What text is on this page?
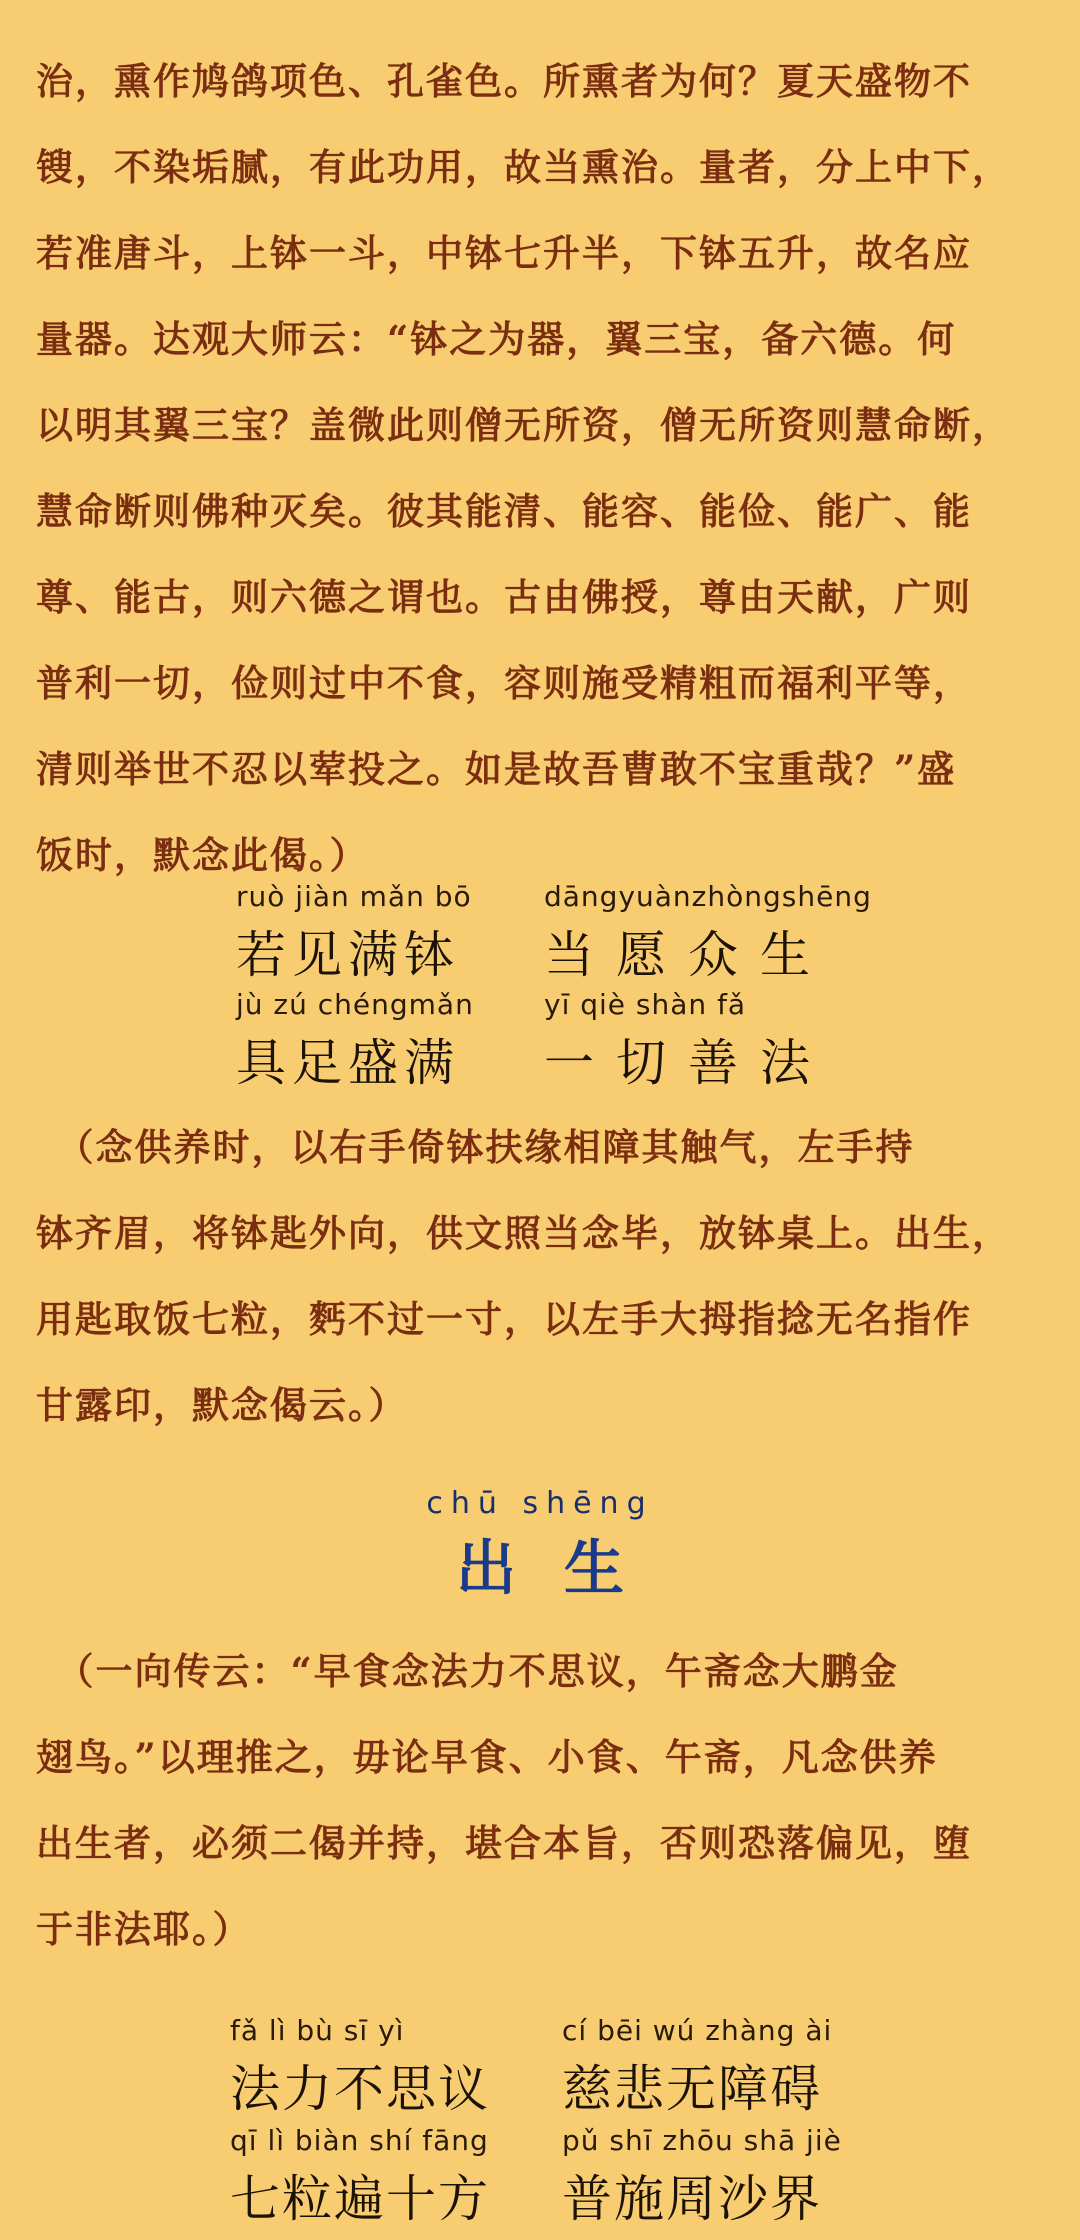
治，熏作鸠鸽项色、孔雀色。所熏者为何？夏天盛物不
锼，不染垢腻，有此功用，故当熏治。量者，分上中下，
若准唐斗，上钵一斗，中钵七升半，下钵五升，故名应
量器。达观大师云：“钵之为器，翼三宝，备六德。何
以明其翼三宝？盖微此则僧无所资，僧无所资则慧命断，
慧命断则佛种灭矣。彼其能清、能容、能俭、能广、能
尊、能古，则六德之谓也。古由佛授，尊由天献，广则
普利一切，俭则过中不食，容则施受精粗而福利平等，
清则举世不忍以荤投之。如是故吾曹敢不宝重哉？”盛
饭时，默念此偈。）
ruò jiàn mǎn bō
若见满钵
dāngyuànzhòngshēng
当愿众生
jù zú chéngmǎn
具足盛满
yī qiè shàn fǎ
一切善法
　（念供养时，以右手倚钵扶缘相障其触气，左手持
钵齐眉，将钵匙外向，供文照当念毕，放钵桌上。出生，
用匙取饭七粒，麫不过一寸，以左手大拇指捻无名指作
甘露印，默念偈云。）
chū shēng
出生
　（一向传云：“早食念法力不思议，午斋念大鹏金
翅鸟。”以理推之，毋论早食、小食、午斋，凡念供养
出生者，必须二偈并持，堪合本旨，否则恐落偏见，堕
于非法耶。）
fǎ lì bù sī yì
法力不思议
cí bēi wú zhàng ài
慈悲无障碍
qī lì biàn shí fāng
七粒遍十方
pǔ shī zhōu shā jiè
普施周沙界
